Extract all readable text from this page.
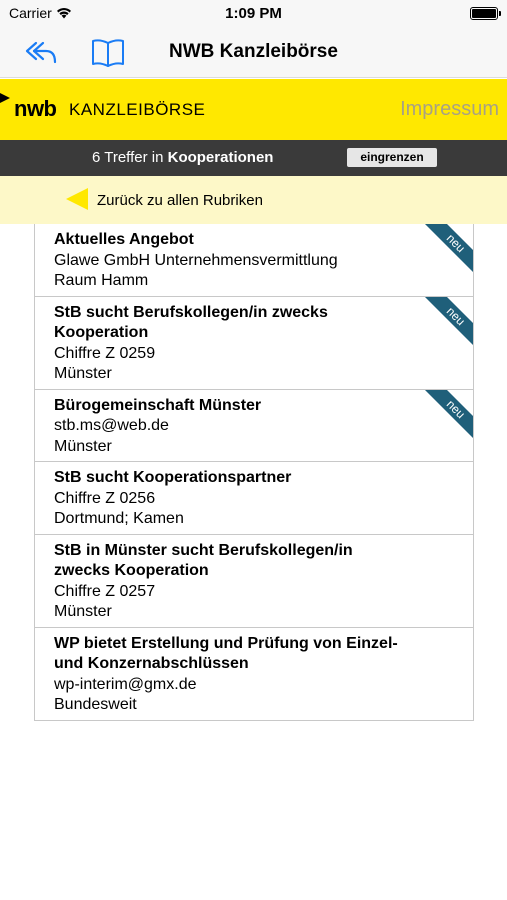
Carrier	1:09 PM
NWB Kanzleibörse
nwb KANZLEIBÖRSE	Impressum
6 Treffer in Kooperationen	eingrenzen
Zurück zu allen Rubriken
Aktuelles Angebot
Glawe GmbH Unternehmensvermittlung
Raum Hamm
neu
StB sucht Berufskollegen/in zwecks Kooperation
Chiffre Z 0259
Münster
neu
Bürogemeinschaft Münster
stb.ms@web.de
Münster
neu
StB sucht Kooperationspartner
Chiffre Z 0256
Dortmund; Kamen
StB in Münster sucht Berufskollegen/in zwecks Kooperation
Chiffre Z 0257
Münster
WP bietet Erstellung und Prüfung von Einzel- und Konzernabschlüssen
wp-interim@gmx.de
Bundesweit
